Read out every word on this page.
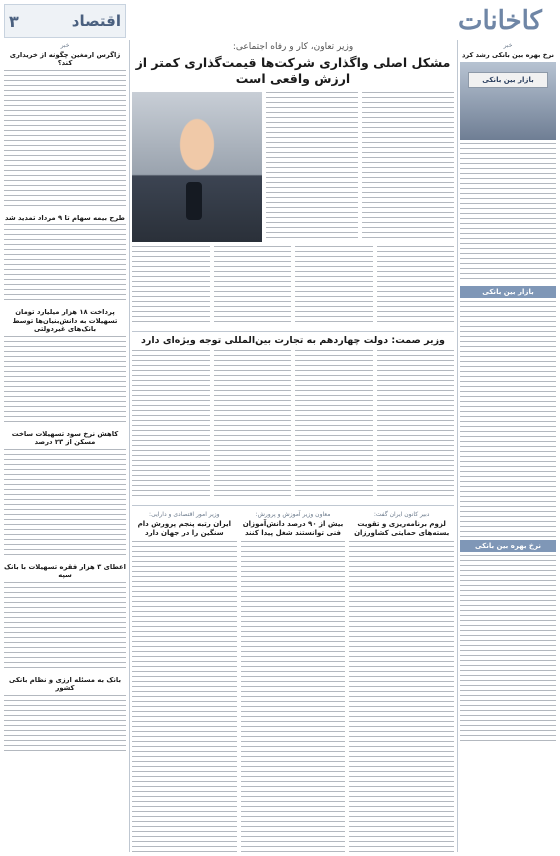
کاخانات
اقتصاد
۳
خبر
نرخ بهره بین بانکی رشد کرد
بازار بین بانکی
بازار بین بانکی
نرخ بهره بین بانکی
وزیر تعاون، کار و رفاه اجتماعی:
مشکل اصلی واگذاری شرکت‌ها قیمت‌گذاری کمتر از ارزش واقعی است
وزیر صمت: دولت چهاردهم به تجارت بین‌المللی توجه ویژه‌ای دارد
دبیر کانون ایران گفت:
لزوم برنامه‌ریزی و تقویت بسته‌های حمایتی کشاورزان
معاون وزیر آموزش و پرورش:
بیش از ۹۰ درصد دانش‌آموزان فنی توانستند شغل پیدا کنند
وزیر امور اقتصادی و دارایی:
ایران رتبه پنجم پرورش دام سنگین را در جهان دارد
خبر
زاگرس ارمغین چگونه از خریداری کند؟
طرح بیمه سهام تا ۹ مرداد تمدید شد
پرداخت ۱۸ هزار میلیارد تومان تسهیلات به دانش‌بنیان‌ها توسط بانک‌های غیردولتی
کاهش نرخ سود تسهیلات ساخت مسکن از ۲۳ درصد
اعطای ۳ هزار فقره تسهیلات با بانک سپه
بانک به مسئله ارزی و نظام بانکی کشور
